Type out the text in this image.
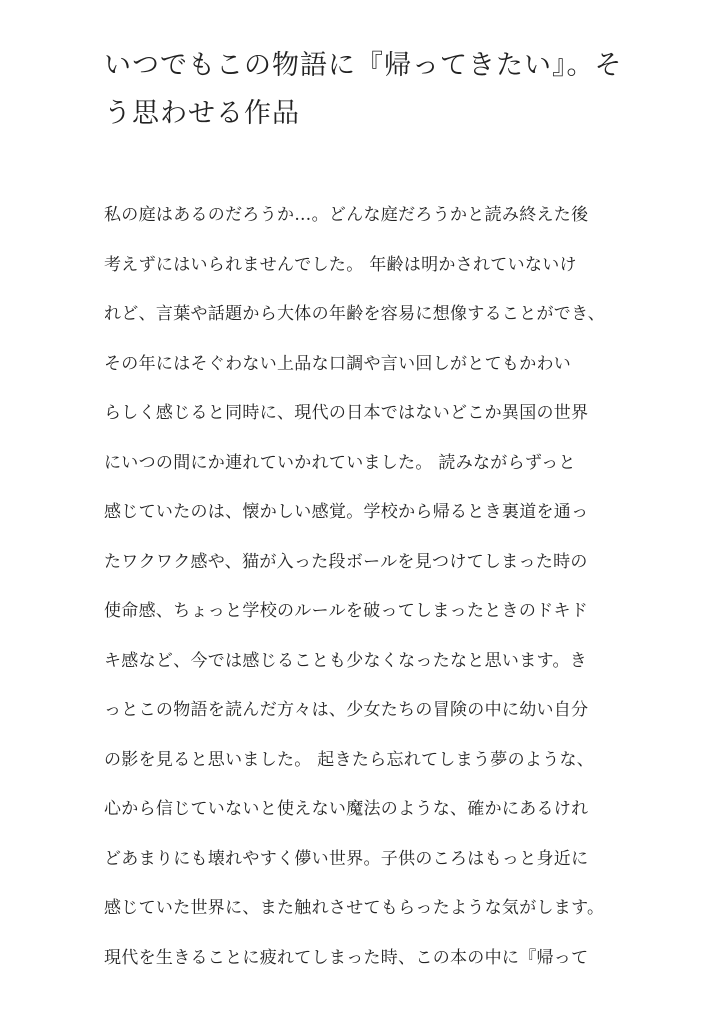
いつでもこの物語に『帰ってきたい』。そ
う思わせる作品
私の庭はあるのだろうか…。どんな庭だろうかと読み終えた後
考えずにはいられませんでした。 年齢は明かされていないけ
れど、言葉や話題から大体の年齢を容易に想像することができ、
その年にはそぐわない上品な口調や言い回しがとてもかわい
らしく感じると同時に、現代の日本ではないどこか異国の世界
にいつの間にか連れていかれていました。 読みながらずっと
感じていたのは、懐かしい感覚。学校から帰るとき裏道を通っ
たワクワク感や、猫が入った段ボールを見つけてしまった時の
使命感、ちょっと学校のルールを破ってしまったときのドキド
キ感など、今では感じることも少なくなったなと思います。き
っとこの物語を読んだ方々は、少女たちの冒険の中に幼い自分
の影を見ると思いました。 起きたら忘れてしまう夢のような、
心から信じていないと使えない魔法のような、確かにあるけれ
どあまりにも壊れやすく儚い世界。子供のころはもっと身近に
感じていた世界に、また触れさせてもらったような気がします。
現代を生きることに疲れてしまった時、この本の中に『帰って
